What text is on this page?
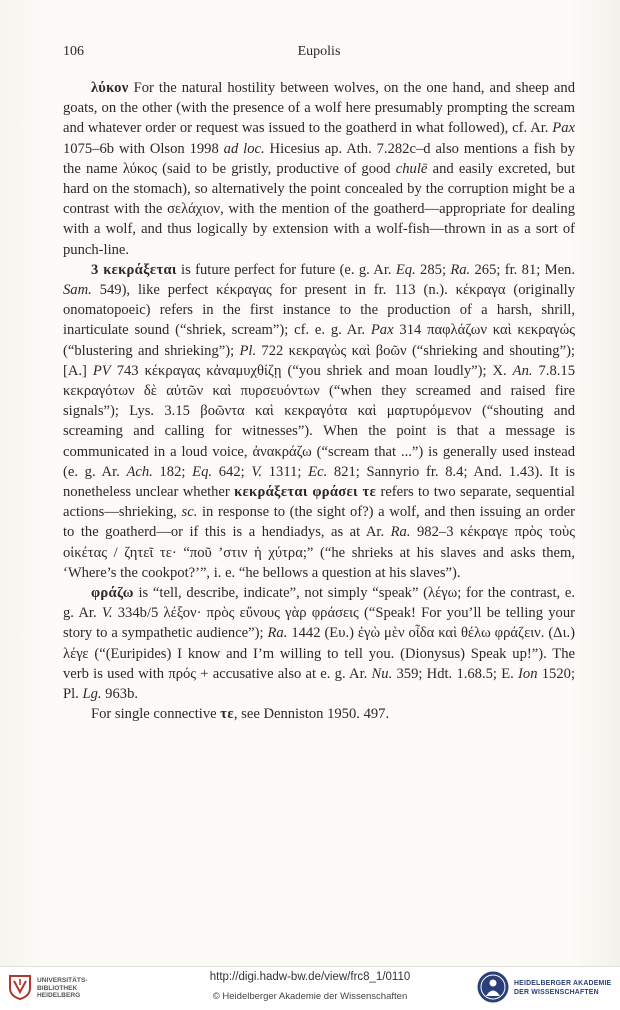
106	Eupolis

λύκον For the natural hostility between wolves, on the one hand, and sheep and goats, on the other (with the presence of a wolf here presumably prompting the scream and whatever order or request was issued to the goatherd in what followed), cf. Ar. Pax 1075–6b with Olson 1998 ad loc. Hicesius ap. Ath. 7.282c–d also mentions a fish by the name λύκος (said to be gristly, productive of good chulē and easily excreted, but hard on the stomach), so alternatively the point concealed by the corruption might be a contrast with the σελάχιον, with the mention of the goatherd—appropriate for dealing with a wolf, and thus logically by extension with a wolf-fish—thrown in as a sort of punch-line.

3 κεκράξεται is future perfect for future (e. g. Ar. Eq. 285; Ra. 265; fr. 81; Men. Sam. 549), like perfect κέκραγας for present in fr. 113 (n.). κέκραγα (originally onomatopoeic) refers in the first instance to the production of a harsh, shrill, inarticulate sound (“shriek, scream”); cf. e. g. Ar. Pax 314 παφλάζων καὶ κεκραγώς (“blustering and shrieking”); Pl. 722 κεκραγὼς καὶ βοῶν (“shrieking and shouting”); [A.] PV 743 κέκραγας κἀναμυχθίζῃ (“you shriek and moan loudly”); X. An. 7.8.15 κεκραγότων δὲ αὐτῶν καὶ πυρσευόντων (“when they screamed and raised fire signals”); Lys. 3.15 βοῶντα καὶ κεκραγότα καὶ μαρτυρόμενον (“shouting and screaming and calling for witnesses”). When the point is that a message is communicated in a loud voice, ἀνακράζω (“scream that ...”) is generally used instead (e. g. Ar. Ach. 182; Eq. 642; V. 1311; Ec. 821; Sannyrio fr. 8.4; And. 1.43). It is nonetheless unclear whether κεκράξεται φράσει τε refers to two separate, sequential actions—shrieking, sc. in response to (the sight of?) a wolf, and then issuing an order to the goatherd—or if this is a hendiadys, as at Ar. Ra. 982–3 κέκραγε πρὸς τοὺς οἰκέτας / ζητεῖ τε· “ποῦ ’στιν ἡ χύτρα;” (“he shrieks at his slaves and asks them, ‘Where’s the cookpot?’”, i. e. “he bellows a question at his slaves”).

φράζω is “tell, describe, indicate”, not simply “speak” (λέγω; for the contrast, e. g. Ar. V. 334b/5 λέξον· πρὸς εὔνους γὰρ φράσεις (“Speak! For you’ll be telling your story to a sympathetic audience”); Ra. 1442 (Ευ.) ἐγὼ μὲν οἶδα καὶ θέλω φράζειν. (Δι.) λέγε (“(Euripides) I know and I’m willing to tell you. (Dionysus) Speak up!”). The verb is used with πρός + accusative also at e. g. Ar. Nu. 359; Hdt. 1.68.5; E. Ion 1520; Pl. Lg. 963b.

For single connective τε, see Denniston 1950. 497.

UNIVERSITÄTS-
BIBLIOTHEK
HEIDELBERG
http://digi.hadw-bw.de/view/frc8_1/0110
© Heidelberger Akademie der Wissenschaften
HEIDELBERGER AKADEMIE
DER WISSENSCHAFTEN
